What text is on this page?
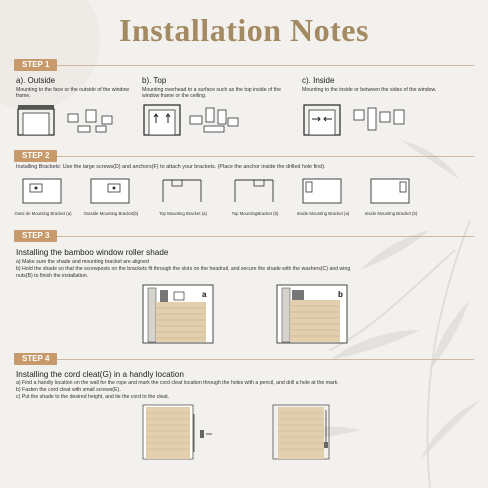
Installation Notes
STEP 1
a). Outside
Mounting to the face or the outside of the window frame.
b). Top
Mounting overhead to a surface such as the top inside of the window frame or the ceiling.
c). Inside
Mounting to the inside or between the sides of the window.
STEP 2
Installing Brackets: Use the large screws(D) and anchors(F) to attach your brackets. (Place the anchor inside the drilled hole first).
Outsi de Mounting Bracket (a)	Outside Mounting Bracket(b)	Top Mounting Bracket (a)	Top MountingBracket (b)	Inside Mounting Bracket (a)	Inside Mounting Bracket (b)
STEP 3
Installing the bamboo window roller shade
a) Make sure the shade and mounting bracket are aligned
b) Hold the shade so that the screwposts on the brackets fit through the slots on the headrail, and secure the shade with the washers(C) and wing
nuts(B) to finish the installation.
a	b
STEP 4
Installing the cord cleat(G) in a handly location
a) Find a handly location on the wall for the rope and mark the cord cleat location through the holes with a pencil, and drill a hole at the mark.
b) Fasten the cord cleat with small screws(E).
c) Put the shade to the desired height, and tie the cord to the cleat.
